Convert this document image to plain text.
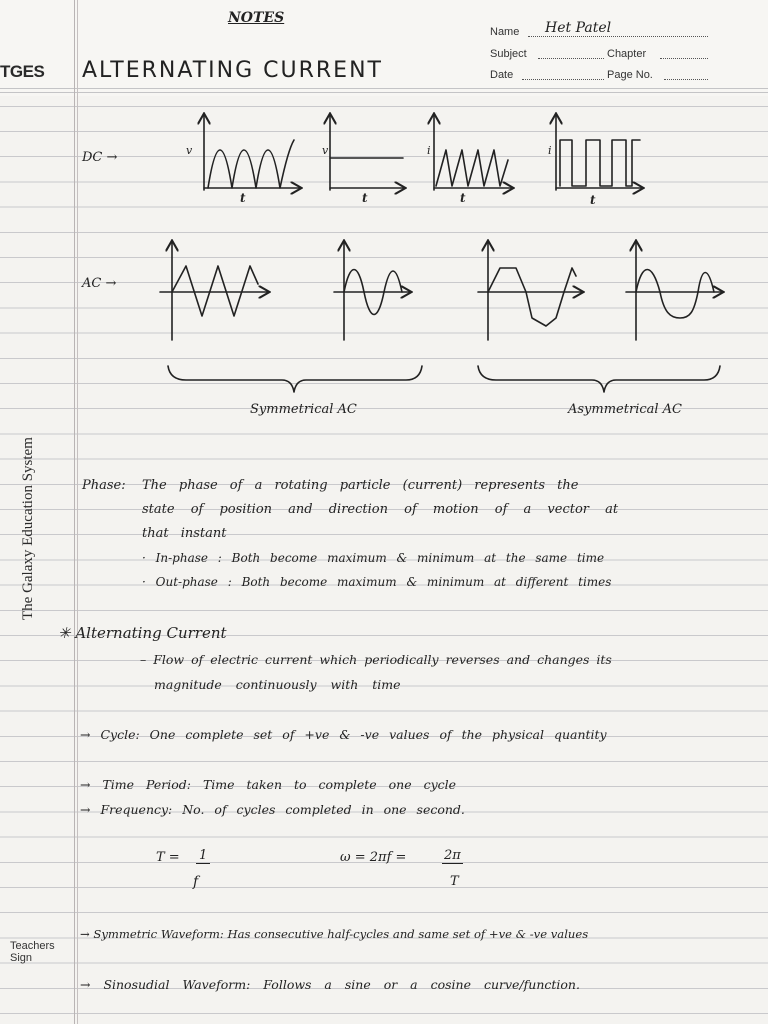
TGES
NOTES
Name Het Patel
Subject	Chapter
Date	Page No.
ALTERNATING CURRENT
The Galaxy Education System
Teachers Sign
DC →
AC →
v	v	i	i
t	t	t	t
Symmetrical AC	Asymmetrical AC
Phase: The phase of a rotating particle (current) represents the
state of position and direction of motion of a vector at
that instant
· In-phase : Both become maximum & minimum at the same time
· Out-phase : Both become maximum & minimum at different times
✳ Alternating Current
– Flow of electric current which periodically reverses and changes its
magnitude continuously with time
→ Cycle: One complete set of +ve & -ve values of the physical quantity
→ Time Period: Time taken to complete one cycle
→ Frequency: No. of cycles completed in one second.
T = 1
f
ω = 2πf =	2π
T
→ Symmetric Waveform: Has consecutive half-cycles and same set of +ve & -ve values
→ Sinosudial Waveform: Follows a sine or a cosine curve/function.
